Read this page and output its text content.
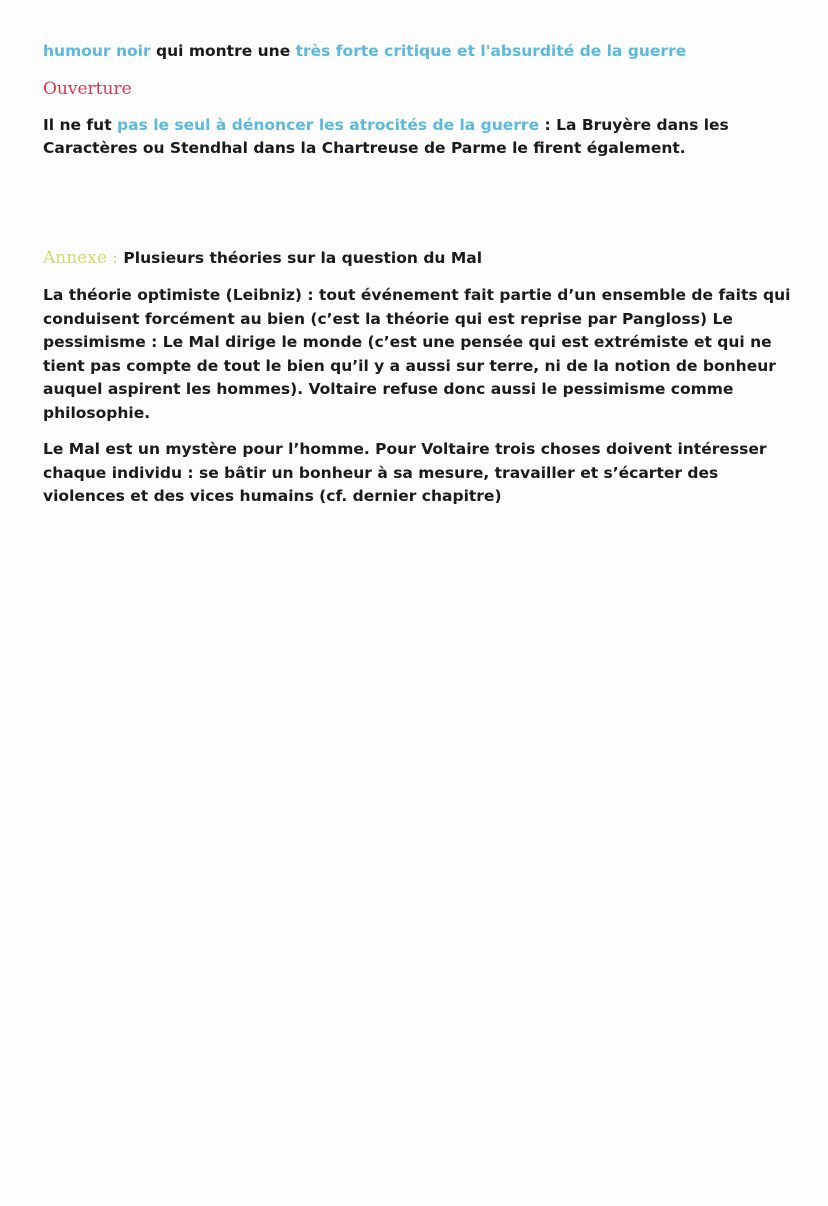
humour noir qui montre une très forte critique et l'absurdité de la guerre

Ouverture

Il ne fut pas le seul à dénoncer les atrocités de la guerre : La Bruyère dans les Caractères ou Stendhal dans la Chartreuse de Parme le firent également.

Annexe : Plusieurs théories sur la question du Mal

La théorie optimiste (Leibniz) : tout événement fait partie d’un ensemble de faits qui conduisent forcément au bien (c’est la théorie qui est reprise par Pangloss) Le pessimisme : Le Mal dirige le monde (c’est une pensée qui est extrémiste et qui ne tient pas compte de tout le bien qu’il y a aussi sur terre, ni de la notion de bonheur auquel aspirent les hommes). Voltaire refuse donc aussi le pessimisme comme philosophie.

Le Mal est un mystère pour l’homme. Pour Voltaire trois choses doivent intéresser chaque individu : se bâtir un bonheur à sa mesure, travailler et s’écarter des violences et des vices humains (cf. dernier chapitre)
